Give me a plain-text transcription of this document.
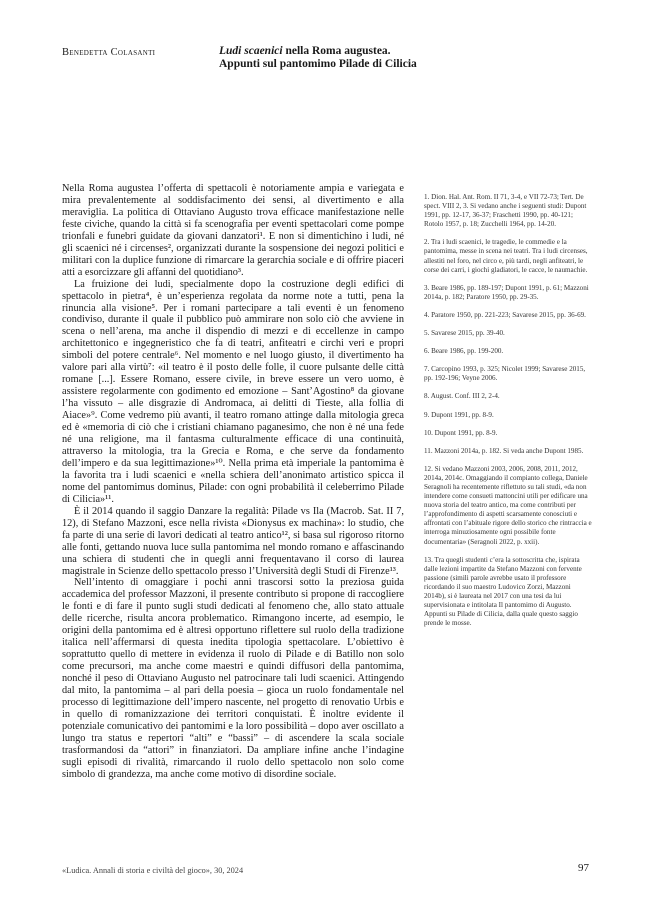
Benedetta Colasanti	Ludi scaenici nella Roma augustea.
Appunti sul pantomimo Pilade di Cilicia

Nella Roma augustea l’offerta di spettacoli è notoriamente ampia e variegata e mira prevalentemente al soddisfacimento dei sensi, al divertimento e alla meraviglia. La politica di Ottaviano Augusto trova efficace manifestazione nelle feste civiche, quando la città si fa scenografia per eventi spettacolari come pompe trionfali e funebri guidate da giovani danzatori¹. E non si dimentichino i ludi, né gli scaenici né i circenses², organizzati durante la sospensione dei negozi politici e militari con la duplice funzione di rimarcare la gerarchia sociale e di offrire piaceri atti a esorcizzare gli affanni del quotidiano³.

La fruizione dei ludi, specialmente dopo la costruzione degli edifici di spettacolo in pietra⁴, è un’esperienza regolata da norme note a tutti, pena la rinuncia alla visione⁵. Per i romani partecipare a tali eventi è un fenomeno condiviso, durante il quale il pubblico può ammirare non solo ciò che avviene in scena o nell’arena, ma anche il dispendio di mezzi e di eccellenze in campo architettonico e ingegneristico che fa di teatri, anfiteatri e circhi veri e propri simboli del potere centrale⁶. Nel momento e nel luogo giusto, il divertimento ha valore pari alla virtù⁷: «il teatro è il posto delle folle, il cuore pulsante delle città romane [...]. Essere Romano, essere civile, in breve essere un vero uomo, è assistere regolarmente con godimento ed emozione – Sant’Agostino⁸ da giovane l’ha vissuto – alle disgrazie di Andromaca, ai delitti di Tieste, alla follia di Aiace»⁹. Come vedremo più avanti, il teatro romano attinge dalla mitologia greca ed è «memoria di ciò che i cristiani chiamano paganesimo, che non è né una fede né una religione, ma il fantasma culturalmente efficace di una continuità, attraverso la mitologia, tra la Grecia e Roma, e che serve da fondamento dell’impero e da sua legittimazione»¹⁰. Nella prima età imperiale la pantomima è la favorita tra i ludi scaenici e «nella schiera dell’anonimato artistico spicca il nome del pantomimus dominus, Pilade: con ogni probabilità il celeberrimo Pilade di Cilicia»¹¹.

È il 2014 quando il saggio Danzare la regalità: Pilade vs Ila (Macrob. Sat. II 7, 12), di Stefano Mazzoni, esce nella rivista «Dionysus ex machina»: lo studio, che fa parte di una serie di lavori dedicati al teatro antico¹², si basa sul rigoroso ritorno alle fonti, gettando nuova luce sulla pantomima nel mondo romano e affascinando una schiera di studenti che in quegli anni frequentavano il corso di laurea magistrale in Scienze dello spettacolo presso l’Università degli Studi di Firenze¹³.

Nell’intento di omaggiare i pochi anni trascorsi sotto la preziosa guida accademica del professor Mazzoni, il presente contributo si propone di raccogliere le fonti e di fare il punto sugli studi dedicati al fenomeno che, allo stato attuale delle ricerche, risulta ancora problematico. Rimangono incerte, ad esempio, le origini della pantomima ed è altresì opportuno riflettere sul ruolo della tradizione italica nell’affermarsi di questa inedita tipologia spettacolare. L’obiettivo è soprattutto quello di mettere in evidenza il ruolo di Pilade e di Batillo non solo come precursori, ma anche come maestri e quindi diffusori della pantomima, nonché il peso di Ottaviano Augusto nel patrocinare tali ludi scaenici. Attingendo dal mito, la pantomima – al pari della poesia – gioca un ruolo fondamentale nel processo di legittimazione dell’impero nascente, nel progetto di renovatio Urbis e in quello di romanizzazione dei territori conquistati. È inoltre evidente il potenziale comunicativo dei pantomimi e la loro possibilità – dopo aver oscillato a lungo tra status e repertori “alti” e “bassi” – di ascendere la scala sociale trasformandosi da “attori” in finanziatori. Da ampliare infine anche l’indagine sugli episodi di rivalità, rimarcando il ruolo dello spettacolo non solo come simbolo di grandezza, ma anche come motivo di disordine sociale.

1. Dion. Hal. Ant. Rom. II 71, 3-4, e VII 72-73; Tert. De spect. VIII 2, 3. Si vedano anche i seguenti studi: Dupont 1991, pp. 12-17, 36-37; Fraschetti 1990, pp. 40-121; Rotolo 1957, p. 18; Zucchelli 1964, pp. 14-20.

2. Tra i ludi scaenici, le tragedie, le commedie e la pantomima, messe in scena nei teatri. Tra i ludi circenses, allestiti nel foro, nel circo e, più tardi, negli anfiteatri, le corse dei carri, i giochi gladiatori, le cacce, le naumachie.

3. Beare 1986, pp. 189-197; Dupont 1991, p. 61; Mazzoni 2014a, p. 182; Paratore 1950, pp. 29-35.

4. Paratore 1950, pp. 221-223; Savarese 2015, pp. 36-69.

5. Savarese 2015, pp. 39-40.

6. Beare 1986, pp. 199-200.

7. Carcopino 1993, p. 325; Nicolet 1999; Savarese 2015, pp. 192-196; Veyne 2006.

8. August. Conf. III 2, 2-4.

9. Dupont 1991, pp. 8-9.

10. Dupont 1991, pp. 8-9.

11. Mazzoni 2014a, p. 182. Si veda anche Dupont 1985.

12. Si vedano Mazzoni 2003, 2006, 2008, 2011, 2012, 2014a, 2014c. Omaggiando il compianto collega, Daniele Seragnoli ha recentemente riflettuto su tali studi, «da non intendere come consueti mattoncini utili per edificare una nuova storia del teatro antico, ma come contributi per l’approfondimento di aspetti scarsamente conosciuti e affrontati con l’abituale rigore dello storico che rintraccia e interroga minuziosamente ogni possibile fonte documentaria» (Seragnoli 2022, p. xxii).

13. Tra quegli studenti c’era la sottoscritta che, ispirata dalle lezioni impartite da Stefano Mazzoni con fervente passione (simili parole avrebbe usato il professore ricordando il suo maestro Ludovico Zorzi, Mazzoni 2014b), si è laureata nel 2017 con una tesi da lui supervisionata e intitolata Il pantomimo di Augusto. Appunti su Pilade di Cilicia, dalla quale questo saggio prende le mosse.

«Ludica. Annali di storia e civiltà del gioco», 30, 2024	97
